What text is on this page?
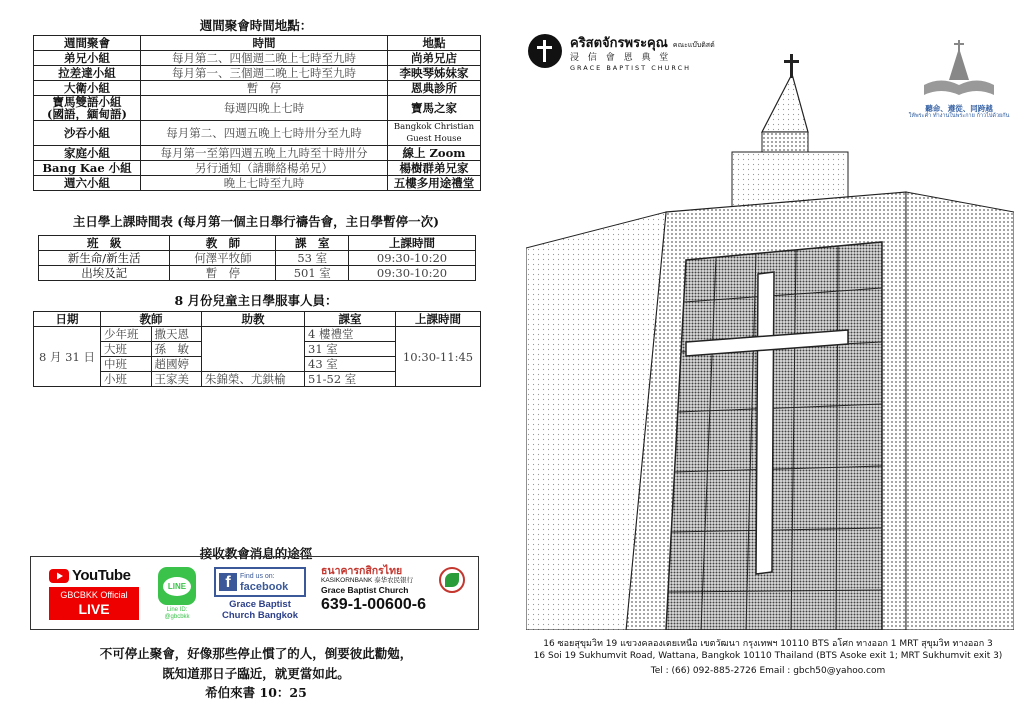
週間聚會時間地點：
週間聚會	時間	地點
弟兄小組	每月第二、四個週二晚上七時至九時	尚弟兄店
拉差達小組	每月第一、三個週二晚上七時至九時	李映琴姊妹家
大衛小組	暫　停	恩典診所
寶馬雙語小組
(國語，緬甸語)	每週四晚上七時	寶馬之家
沙吞小組	每月第二、四週五晚上七時卅分至九時	Bangkok Christian
Guest House
家庭小組	每月第一至第四週五晚上九時至十時卅分	線上 Zoom
Bang Kae 小組	另行通知（請聯絡楊弟兄）	楊樹群弟兄家
週六小組	晚上七時至九時	五樓多用途禮堂
主日學上課時間表 (每月第一個主日舉行禱告會，主日學暫停一次)
班　級	教　師	課　室	上課時間
新生命/新生活	何澤平牧師	53 室	09:30-10:20
出埃及記	暫　停	501 室	09:30-10:20
8 月份兒童主日學服事人員：
日期	教師		助教	課室	上課時間
8 月 31 日	少年班	撒天恩		4 樓禮堂	10:30-11:45
	大班	孫　敏		31 室	
	中班	趙國婷		43 室	
	小班	王家美	朱錦榮、尤鉷榆	51-52 室	
接收教會消息的途徑
YouTube
GBCBKK Official
LIVE
LINE
Line ID:
@gbcbkk
f	Find us on:
facebook
Grace Baptist
Church Bangkok
ธนาคารกสิกรไทย
KASIKORNBANK 泰华农民银行
Grace Baptist Church
639-1-00600-6
不可停止聚會，好像那些停止慣了的人，倒要彼此勸勉，
既知道那日子臨近，就更當如此。
希伯來書 10：25
คริสตจักรพระคุณ คณะแบ๊บติสต์
浸 信 會 恩 典 堂
GRACE BAPTIST CHURCH
聽命、遵從、同跨越
ให้พระคำ ทำงานในพระกาย ก้าวไปด้วยกัน
16 ซอยสุขุมวิท 19 แขวงคลองเตยเหนือ เขตวัฒนา กรุงเทพฯ 10110 BTS อโศก ทางออก 1 MRT สุขุมวิท ทางออก 3
16 Soi 19 Sukhumvit Road, Wattana, Bangkok 10110 Thailand (BTS Asoke exit 1; MRT Sukhumvit exit 3)
Tel : (66) 092-885-2726 Email : gbch50@yahoo.com
